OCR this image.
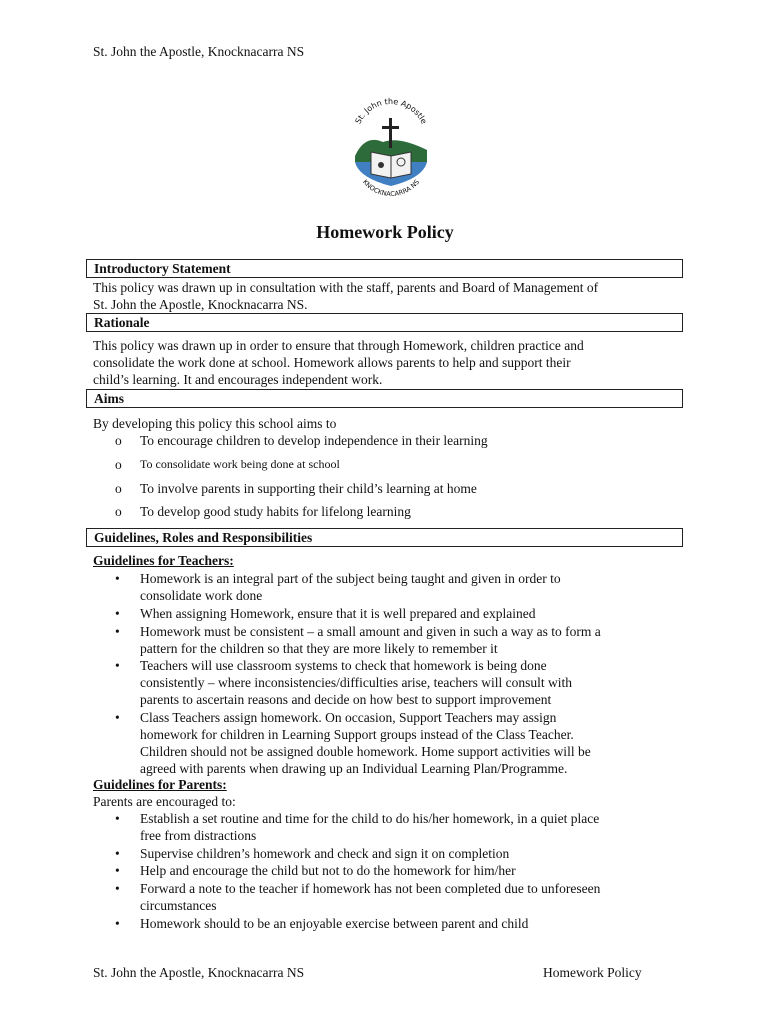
St. John the Apostle, Knocknacarra NS
St. John the Apostle
KNOCKNACARRA NS
Homework Policy
Introductory Statement
This policy was drawn up in consultation with the staff, parents and Board of Management of
St. John the Apostle, Knocknacarra NS.
Rationale
This policy was drawn up in order to ensure that through Homework, children practice and
consolidate the work done at school. Homework allows parents to help and support their
child’s learning. It and encourages independent work.
Aims
By developing this policy this school aims to
o	To encourage children to develop independence in their learning
o	To consolidate work being done at school
o	To involve parents in supporting their child’s learning at home
o	To develop good study habits for lifelong learning
Guidelines, Roles and Responsibilities
Guidelines for Teachers:
•	Homework is an integral part of the subject being taught and given in order to
consolidate work done
•	When assigning Homework, ensure that it is well prepared and explained
•	Homework must be consistent – a small amount and given in such a way as to form a
pattern for the children so that they are more likely to remember it
•	Teachers will use classroom systems to check that homework is being done
consistently – where inconsistencies/difficulties arise, teachers will consult with
parents to ascertain reasons and decide on how best to support improvement
•	Class Teachers assign homework. On occasion, Support Teachers may assign
homework for children in Learning Support groups instead of the Class Teacher.
Children should not be assigned double homework. Home support activities will be
agreed with parents when drawing up an Individual Learning Plan/Programme.
Guidelines for Parents:
Parents are encouraged to:
•	Establish a set routine and time for the child to do his/her homework, in a quiet place
free from distractions
•	Supervise children’s homework and check and sign it on completion
•	Help and encourage the child but not to do the homework for him/her
•	Forward a note to the teacher if homework has not been completed due to unforeseen
circumstances
•	Homework should to be an enjoyable exercise between parent and child
St. John the Apostle, Knocknacarra NS	Homework Policy
